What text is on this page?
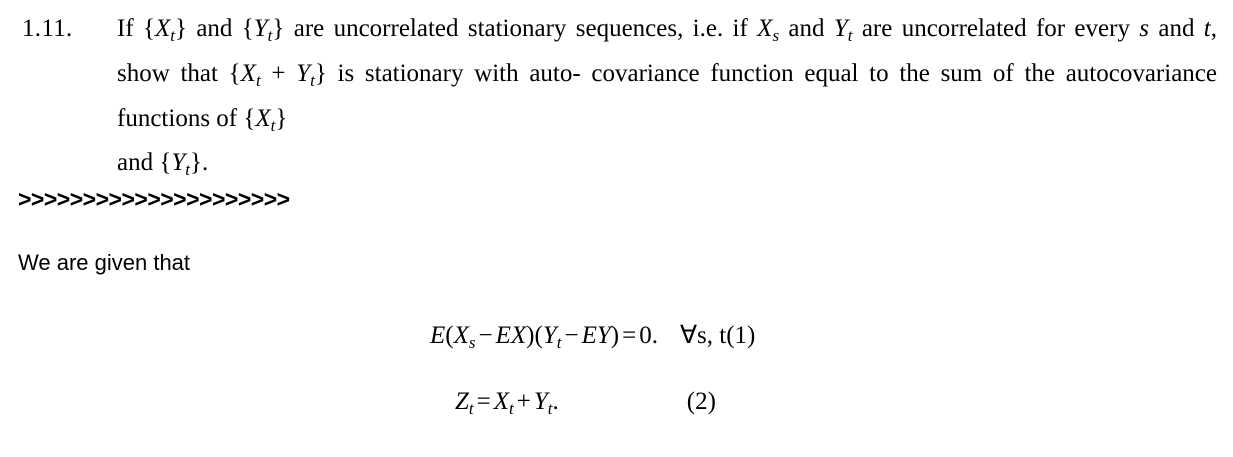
1.11.	If $\{X_t\}$ and $\{Y_t\}$ are uncorrelated stationary sequences, i.e. if $X_s$ and $Y_t$ are uncorrelated for every s and t, show that $\{X_t + Y_t\}$ is stationary with auto- covariance function equal to the sum of the autocovariance functions of $\{X_t\}$
and $\{Y_t\}$.
>>>>>>>>>>>>>>>>>>>>>
We are given that
$E(X_s - EX)(Y_t - EY) = 0$. ∀s, t(1)
$Z_t = X_t + Y_t$.	(2)
